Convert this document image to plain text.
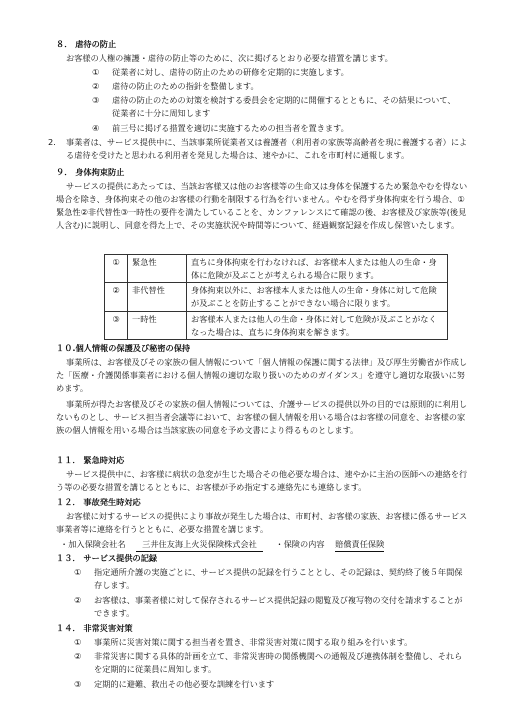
８． 虐待の防止
お客様の人権の擁護・虐待の防止等のために、次に掲げるとおり必要な措置を講じます。
①	従業者に対し、虐待の防止のための研修を定期的に実施します。
②	虐待の防止のための指針を整備します。
③	虐待の防止のための対策を検討する委員会を定期的に開催するとともに、その結果について、従業者に十分に周知します
④	前三号に掲げる措置を適切に実施するための担当者を置きます。
2.	事業者は、サービス提供中に、当該事業所従業者又は養護者（利用者の家族等高齢者を現に養護する者）による虐待を受けたと思われる利用者を発見した場合は、速やかに、これを市町村に通報します。
９． 身体拘束防止
サービスの提供にあたっては、当該お客様又は他のお客様等の生命又は身体を保護するため緊急やむを得ない場合を除き、身体拘束その他のお客様の行動を制限する行為を行いません。やむを得ず身体拘束を行う場合、①緊急性②非代替性③一時性の要件を満たしていることを、カンファレンスにて確認の後、お客様及び家族等(後見人含む)に説明し、同意を得た上で、その実施状況や時間等について、経過観察記録を作成し保管いたします。
①	緊急性	直ちに身体拘束を行わなければ、お客様本人または他人の生命・身体に危険が及ぶことが考えられる場合に限ります。
②	非代替性	身体拘束以外に、お客様本人または他人の生命・身体に対して危険が及ぶことを防止することができない場合に限ります。
③	一時性	お客様本人または他人の生命・身体に対して危険が及ぶことがなくなった場合は、直ちに身体拘束を解きます。
１０.個人情報の保護及び秘密の保持
事業所は、お客様及びその家族の個人情報について「個人情報の保護に関する法律」及び厚生労働省が作成した「医療・介護関係事業者における個人情報の適切な取り扱いのためのガイダンス」を遵守し適切な取扱いに努めます。
事業所が得たお客様及びその家族の個人情報については、介護サービスの提供以外の目的では原則的に利用しないものとし、サービス担当者会議等において、お客様の個人情報を用いる場合はお客様の同意を、お客様の家族の個人情報を用いる場合は当該家族の同意を予め文書により得るものとします。
１１． 緊急時対応
サービス提供中に、お客様に病状の急変が生じた場合その他必要な場合は、速やかに主治の医師への連絡を行う等の必要な措置を講じるとともに、お客様が予め指定する連絡先にも連絡します。
１２． 事故発生時対応
お客様に対するサービスの提供により事故が発生した場合は、市町村、お客様の家族、お客様に係るサービス事業者等に連絡を行うとともに、必要な措置を講じます。
・加入保険会社名 三井住友海上火災保険株式会社 ・保険の内容 賠償責任保険
１３． サービス提供の記録
①	指定通所介護の実施ごとに、サービス提供の記録を行うこととし、その記録は、契約終了後５年間保存します。
②	お客様は、事業者様に対して保存されるサービス提供記録の閲覧及び複写物の交付を請求することができます。
１４． 非常災害対策
①	事業所に災害対策に関する担当者を置き、非常災害対策に関する取り組みを行います。
②	非常災害に関する具体的計画を立て、非常災害時の関係機関への通報及び連携体制を整備し、それらを定期的に従業員に周知します。
③	定期的に避難、救出その他必要な訓練を行います
